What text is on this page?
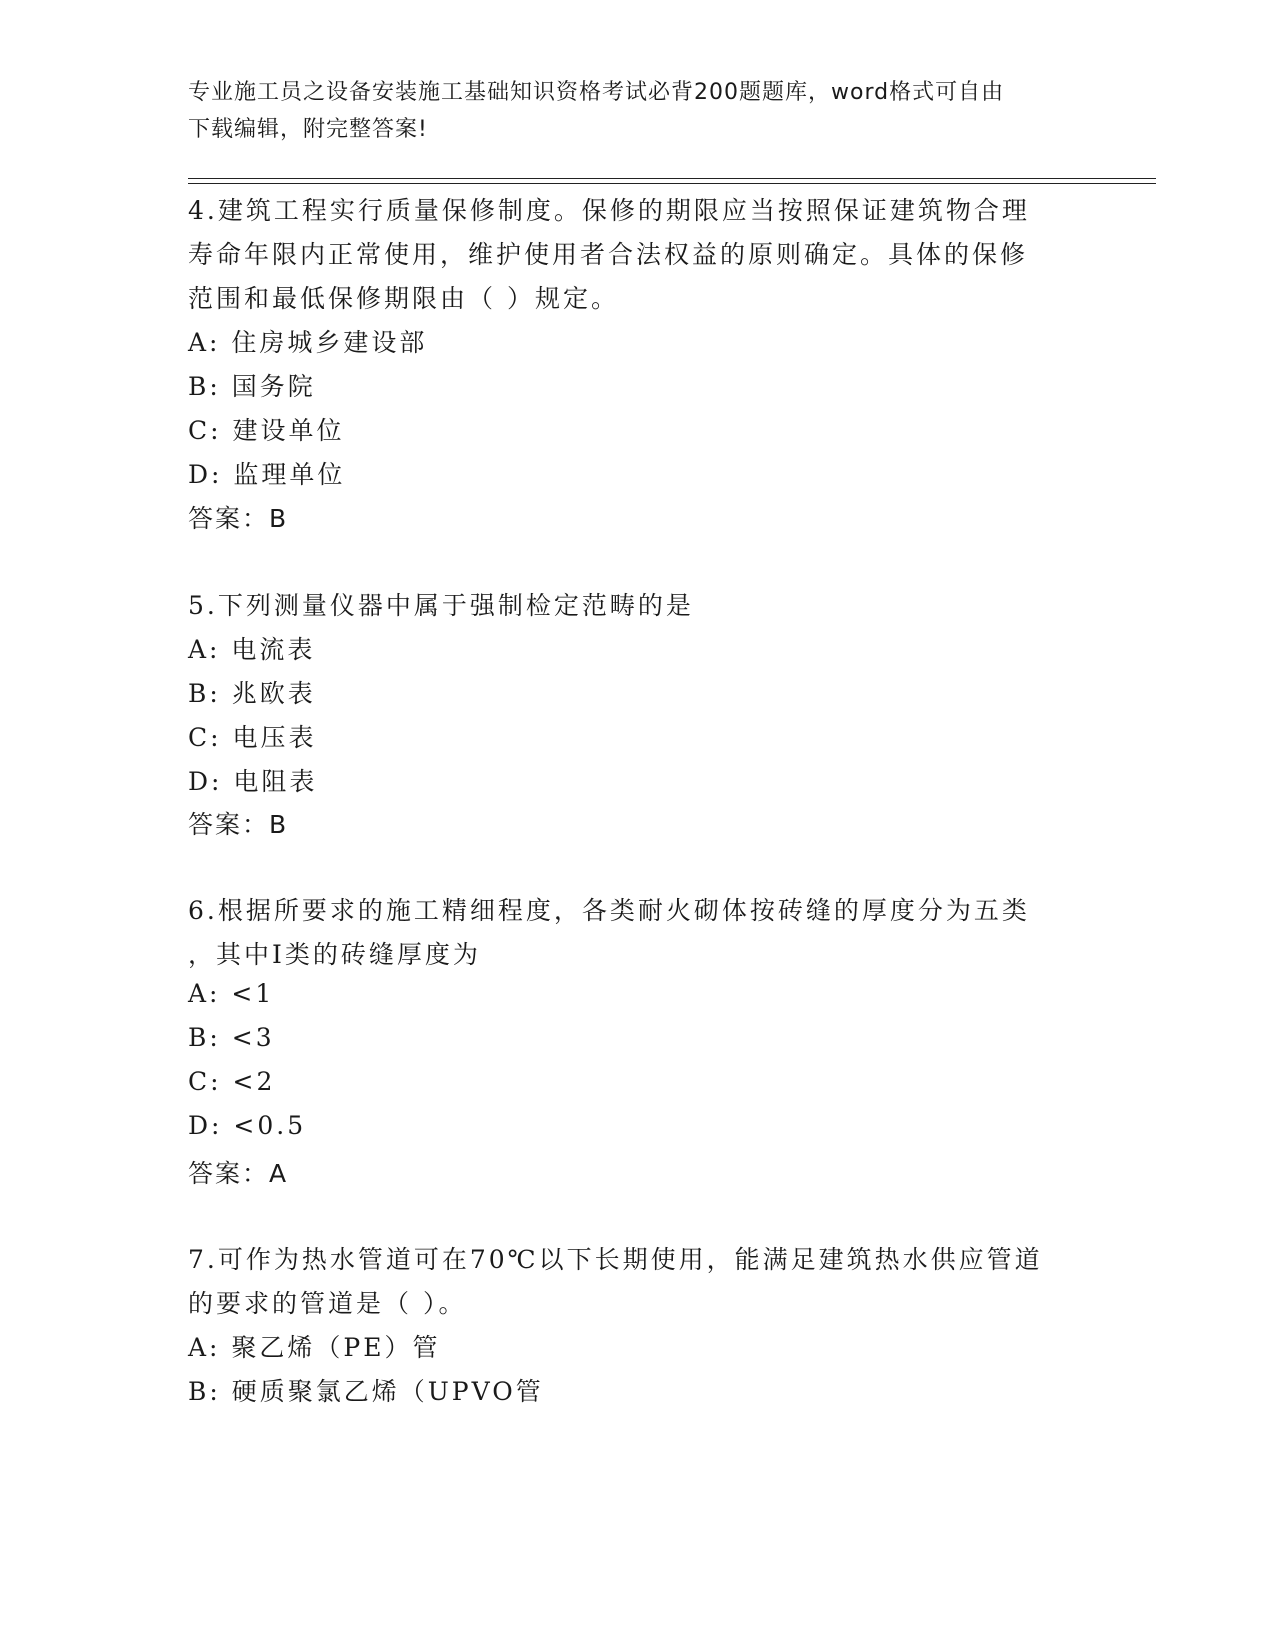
专业施工员之设备安装施工基础知识资格考试必背200题题库，word格式可自由
下载编辑，附完整答案!
4.建筑工程实行质量保修制度。保修的期限应当按照保证建筑物合理
寿命年限内正常使用，维护使用者合法权益的原则确定。具体的保修
范围和最低保修期限由（ ）规定。
A: 住房城乡建设部
B: 国务院
C: 建设单位
D: 监理单位
答案：B
5.下列测量仪器中属于强制检定范畴的是
A: 电流表
B: 兆欧表
C: 电压表
D: 电阻表
答案：B
6.根据所要求的施工精细程度，各类耐火砌体按砖缝的厚度分为五类
，其中Ⅰ类的砖缝厚度为
A: <1
B: <3
C: <2
D: <0.5
答案：A
7.可作为热水管道可在70℃以下长期使用，能满足建筑热水供应管道
的要求的管道是（ ）。
A: 聚乙烯（PE）管
B: 硬质聚氯乙烯（UPVO管
